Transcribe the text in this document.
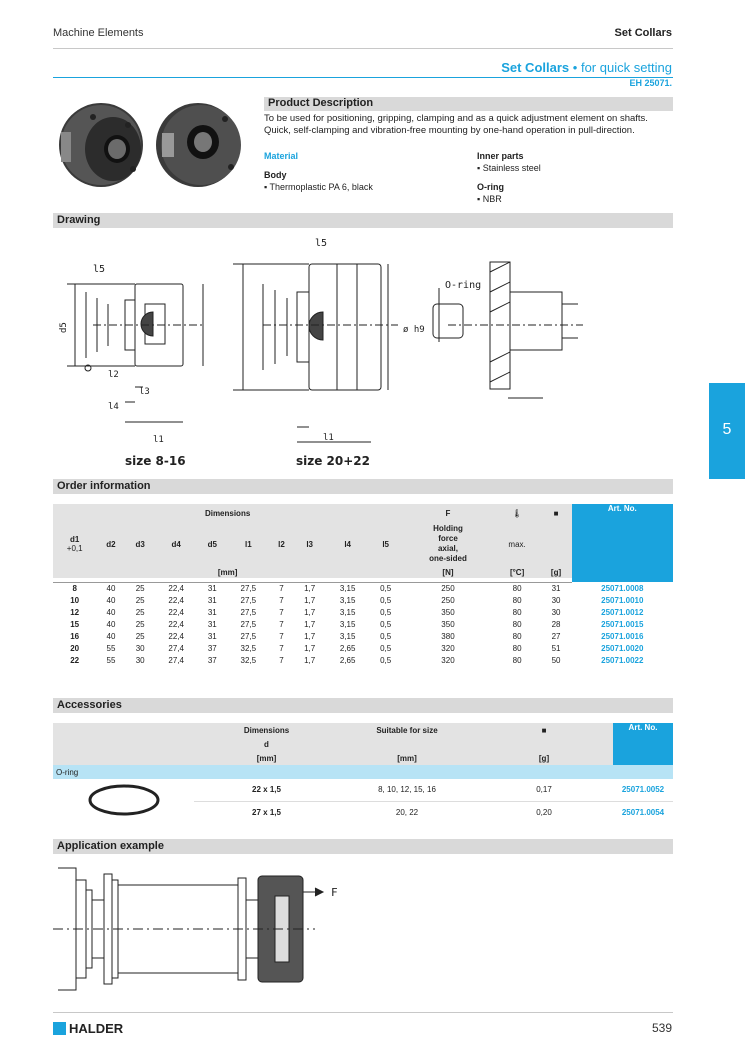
Machine Elements	Set Collars
Set Collars • for quick setting
EH 25071.
Product Description
To be used for positioning, gripping, clamping and as a quick adjustment element on shafts. Quick, self-clamping and vibration-free mounting by one-hand operation in pull-direction.
Material
Body
▪ Thermoplastic PA 6, black
Inner parts
▪ Stainless steel
O-ring
▪ NBR
5
Drawing
l5
d5
l1
l2
l3
l4
size 8-16
l5
l1
size 20+22
O-ring
ø h9
Order information
Dimensions										F	🌡	■	Art. No.
d1
+0,1	d2	d3	d4	d5	l1	l2	l3	l4	l5	Holding
force
axial,
one-sided	max.		
[mm]										[N]	[°C]	[g]	

8	40	25	22,4	31	27,5	7	1,7	3,15	0,5	250	80	31	25071.0008
10	40	25	22,4	31	27,5	7	1,7	3,15	0,5	250	80	30	25071.0010
12	40	25	22,4	31	27,5	7	1,7	3,15	0,5	350	80	30	25071.0012
15	40	25	22,4	31	27,5	7	1,7	3,15	0,5	350	80	28	25071.0015
16	40	25	22,4	31	27,5	7	1,7	3,15	0,5	380	80	27	25071.0016
20	55	30	27,4	37	32,5	7	1,7	2,65	0,5	320	80	51	25071.0020
22	55	30	27,4	37	32,5	7	1,7	2,65	0,5	320	80	50	25071.0022
Accessories
	Dimensions	Suitable for size	■	Art. No.
	d			
	[mm]	[mm]	[g]	
O-ring				
	22 x 1,5	8, 10, 12, 15, 16	0,17	25071.0052
	27 x 1,5	20, 22	0,20	25071.0054
Application example
F
HALDER	539
